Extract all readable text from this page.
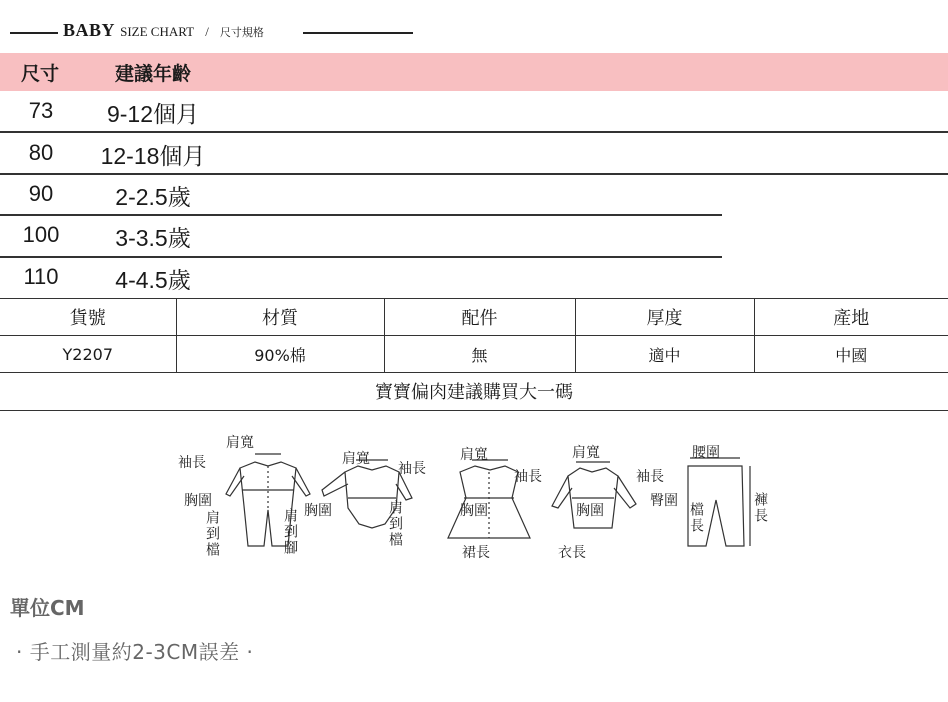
BABY SIZE CHART / 尺寸規格
尺寸	建議年齡
73	9-12個月
80	12-18個月
90	2-2.5歲
100	3-3.5歲
110	4-4.5歲
貨號	材質	配件	厚度	產地
Y2207	90%棉	無	適中	中國
寶寶偏肉建議購買大一碼
肩寬
袖長
胸圍
肩到檔	肩到腳
肩寬
袖長
胸圍	肩到檔
肩寬
胸圍
裙長
肩寬
袖長	袖長
胸圍
衣長
腰圍
臀圍
檔長	褲長
單位CM
· 手工測量約2-3CM誤差 ·
